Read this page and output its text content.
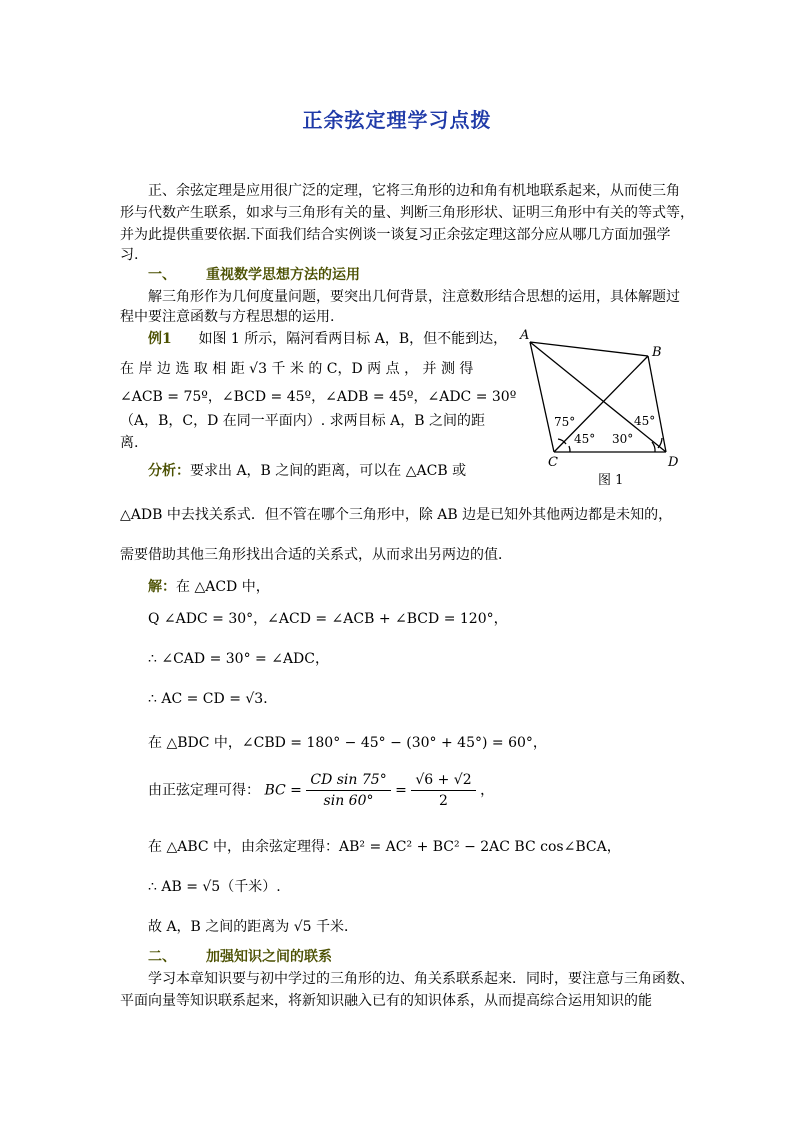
正余弦定理学习点拨
正、余弦定理是应用很广泛的定理，它将三角形的边和角有机地联系起来，从而使三角
形与代数产生联系，如求与三角形有关的量、判断三角形形状、证明三角形中有关的等式等，
并为此提供重要依据.下面我们结合实例谈一谈复习正余弦定理这部分应从哪几方面加强学
习.
一、 重视数学思想方法的运用
解三角形作为几何度量问题，要突出几何背景，注意数形结合思想的运用，具体解题过
程中要注意函数与方程思想的运用.
例1 如图 1 所示，隔河看两目标 A，B，但不能到达，
在 岸 边 选 取 相 距 √3 千 米 的 C，D 两 点 ， 并 测 得
∠ACB = 75º，∠BCD = 45º，∠ADB = 45º，∠ADC = 30º
（A，B，C，D 在同一平面内）. 求两目标 A，B 之间的距
离.
A
B
C	D
75°
45° 30°
45°
图 1
分析：要求出 A，B 之间的距离，可以在 △ACB 或
△ADB 中去找关系式．但不管在哪个三角形中，除 AB 边是已知外其他两边都是未知的，
需要借助其他三角形找出合适的关系式，从而求出另两边的值．
解：在 △ACD 中，
Q ∠ADC = 30°，∠ACD = ∠ACB + ∠BCD = 120°，
∴ ∠CAD = 30° = ∠ADC，
∴ AC = CD = √3．
在 △BDC 中，∠CBD = 180° − 45° − (30° + 45°) = 60°，
由正弦定理可得： BC = $\frac{\text{CD sin 75°}}{\sin 60^\circ} = \frac{√6 + √2}{2}$ ，
在 △ABC 中，由余弦定理得：AB² = AC² + BC² − 2AC BC cos∠BCA，
∴ AB = √5（千米）.
故 A，B 之间的距离为 √5 千米．
二、 加强知识之间的联系
学习本章知识要与初中学过的三角形的边、角关系联系起来．同时，要注意与三角函数、
平面向量等知识联系起来，将新知识融入已有的知识体系，从而提高综合运用知识的能
